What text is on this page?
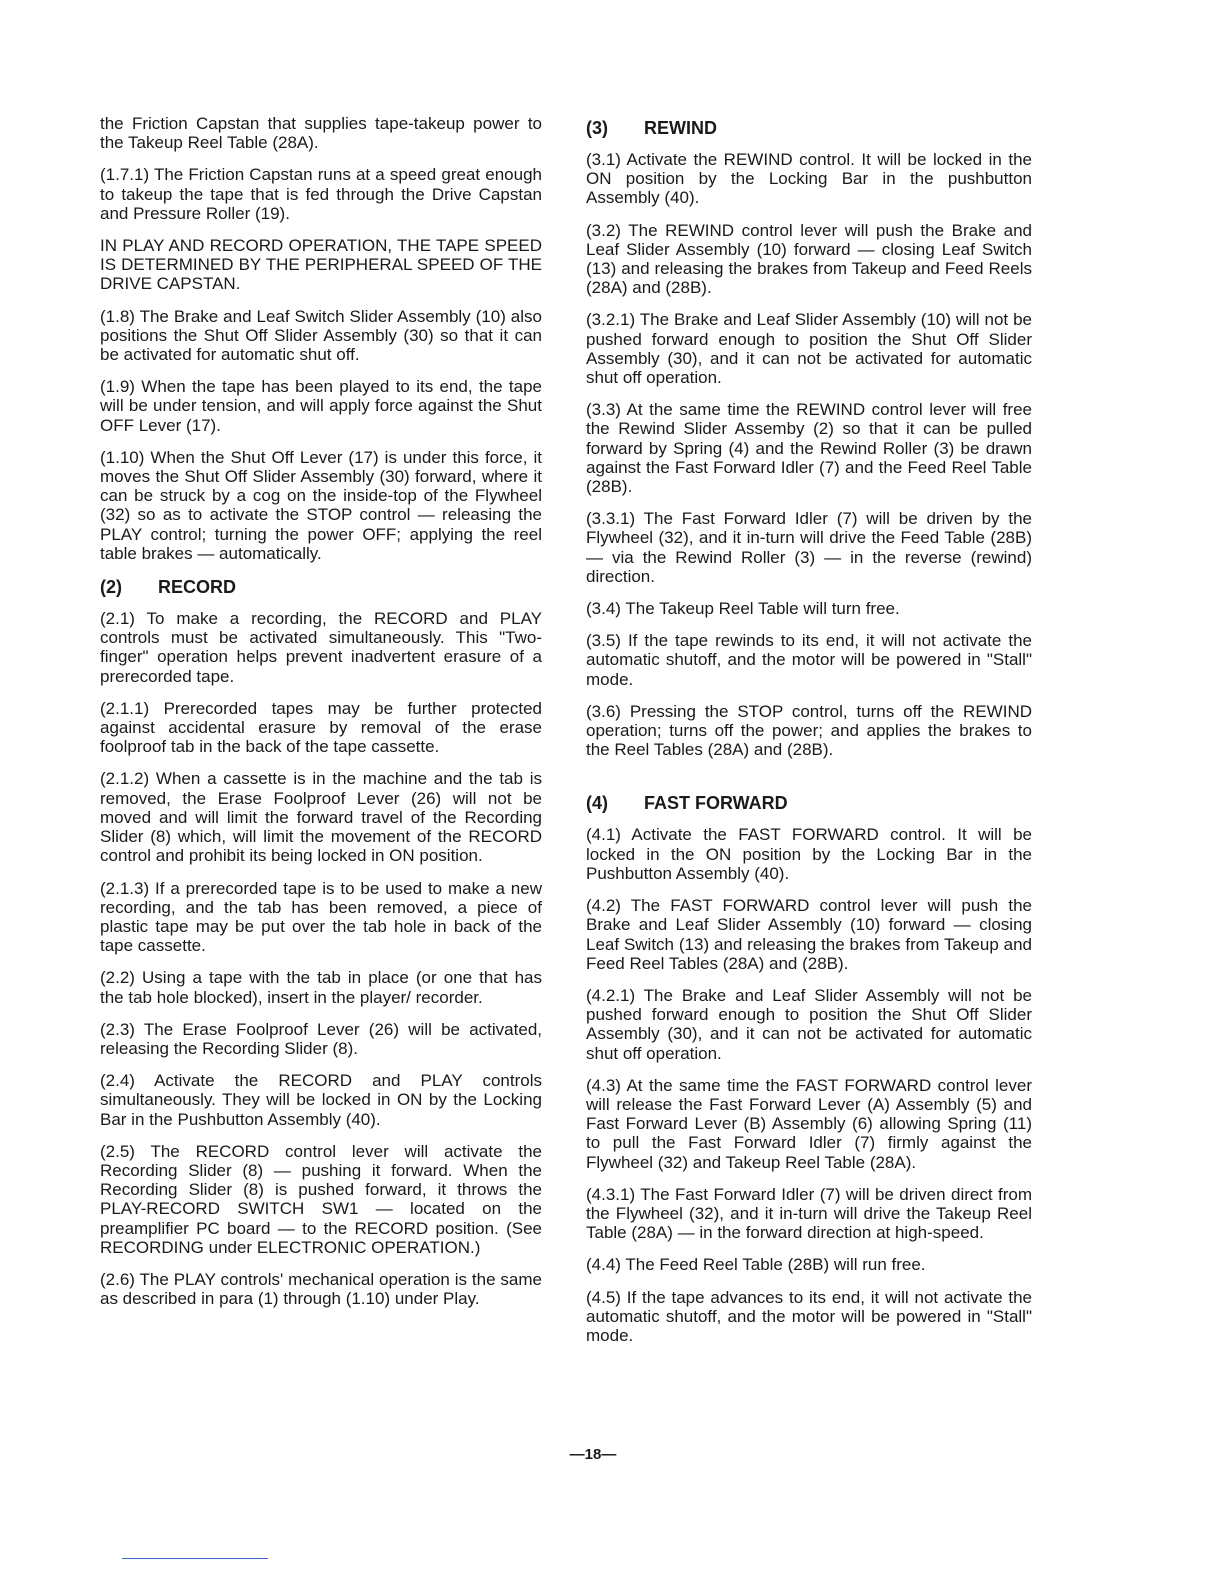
the Friction Capstan that supplies tape-takeup power to the Takeup Reel Table (28A).

(1.7.1) The Friction Capstan runs at a speed great enough to takeup the tape that is fed through the Drive Capstan and Pressure Roller (19).

IN PLAY AND RECORD OPERATION, THE TAPE SPEED IS DETERMINED BY THE PERIPHERAL SPEED OF THE DRIVE CAPSTAN.

(1.8) The Brake and Leaf Switch Slider Assembly (10) also positions the Shut Off Slider Assembly (30) so that it can be activated for automatic shut off.

(1.9) When the tape has been played to its end, the tape will be under tension, and will apply force against the Shut OFF Lever (17).

(1.10) When the Shut Off Lever (17) is under this force, it moves the Shut Off Slider Assembly (30) forward, where it can be struck by a cog on the inside-top of the Flywheel (32) so as to activate the STOP control — releasing the PLAY control; turning the power OFF; applying the reel table brakes — automatically.

(2)	RECORD

(2.1) To make a recording, the RECORD and PLAY controls must be activated simultaneously. This "Two-finger" operation helps prevent inadvertent erasure of a prerecorded tape.

(2.1.1) Prerecorded tapes may be further protected against accidental erasure by removal of the erase foolproof tab in the back of the tape cassette.

(2.1.2) When a cassette is in the machine and the tab is removed, the Erase Foolproof Lever (26) will not be moved and will limit the forward travel of the Recording Slider (8) which, will limit the movement of the RECORD control and prohibit its being locked in ON position.

(2.1.3) If a prerecorded tape is to be used to make a new recording, and the tab has been removed, a piece of plastic tape may be put over the tab hole in back of the tape cassette.

(2.2) Using a tape with the tab in place (or one that has the tab hole blocked), insert in the player/ recorder.

(2.3) The Erase Foolproof Lever (26) will be activated, releasing the Recording Slider (8).

(2.4) Activate the RECORD and PLAY controls simultaneously. They will be locked in ON by the Locking Bar in the Pushbutton Assembly (40).

(2.5) The RECORD control lever will activate the Recording Slider (8) — pushing it forward. When the Recording Slider (8) is pushed forward, it throws the PLAY-RECORD SWITCH SW1 — located on the preamplifier PC board — to the RECORD position. (See RECORDING under ELECTRONIC OPERATION.)

(2.6) The PLAY controls' mechanical operation is the same as described in para (1) through (1.10) under Play.

(3)	REWIND

(3.1) Activate the REWIND control. It will be locked in the ON position by the Locking Bar in the pushbutton Assembly (40).

(3.2) The REWIND control lever will push the Brake and Leaf Slider Assembly (10) forward — closing Leaf Switch (13) and releasing the brakes from Takeup and Feed Reels (28A) and (28B).

(3.2.1) The Brake and Leaf Slider Assembly (10) will not be pushed forward enough to position the Shut Off Slider Assembly (30), and it can not be activated for automatic shut off operation.

(3.3) At the same time the REWIND control lever will free the Rewind Slider Assemby (2) so that it can be pulled forward by Spring (4) and the Rewind Roller (3) be drawn against the Fast Forward Idler (7) and the Feed Reel Table (28B).

(3.3.1) The Fast Forward Idler (7) will be driven by the Flywheel (32), and it in-turn will drive the Feed Table (28B) — via the Rewind Roller (3) — in the reverse (rewind) direction.

(3.4) The Takeup Reel Table will turn free.

(3.5) If the tape rewinds to its end, it will not activate the automatic shutoff, and the motor will be powered in "Stall" mode.

(3.6) Pressing the STOP control, turns off the REWIND operation; turns off the power; and applies the brakes to the Reel Tables (28A) and (28B).

(4)	FAST FORWARD

(4.1) Activate the FAST FORWARD control. It will be locked in the ON position by the Locking Bar in the Pushbutton Assembly (40).

(4.2) The FAST FORWARD control lever will push the Brake and Leaf Slider Assembly (10) forward — closing Leaf Switch (13) and releasing the brakes from Takeup and Feed Reel Tables (28A) and (28B).

(4.2.1) The Brake and Leaf Slider Assembly will not be pushed forward enough to position the Shut Off Slider Assembly (30), and it can not be activated for automatic shut off operation.

(4.3) At the same time the FAST FORWARD control lever will release the Fast Forward Lever (A) Assembly (5) and Fast Forward Lever (B) Assembly (6) allowing Spring (11) to pull the Fast Forward Idler (7) firmly against the Flywheel (32) and Takeup Reel Table (28A).

(4.3.1) The Fast Forward Idler (7) will be driven direct from the Flywheel (32), and it in-turn will drive the Takeup Reel Table (28A) — in the forward direction at high-speed.

(4.4) The Feed Reel Table (28B) will run free.

(4.5) If the tape advances to its end, it will not activate the automatic shutoff, and the motor will be powered in "Stall" mode.

—18—
